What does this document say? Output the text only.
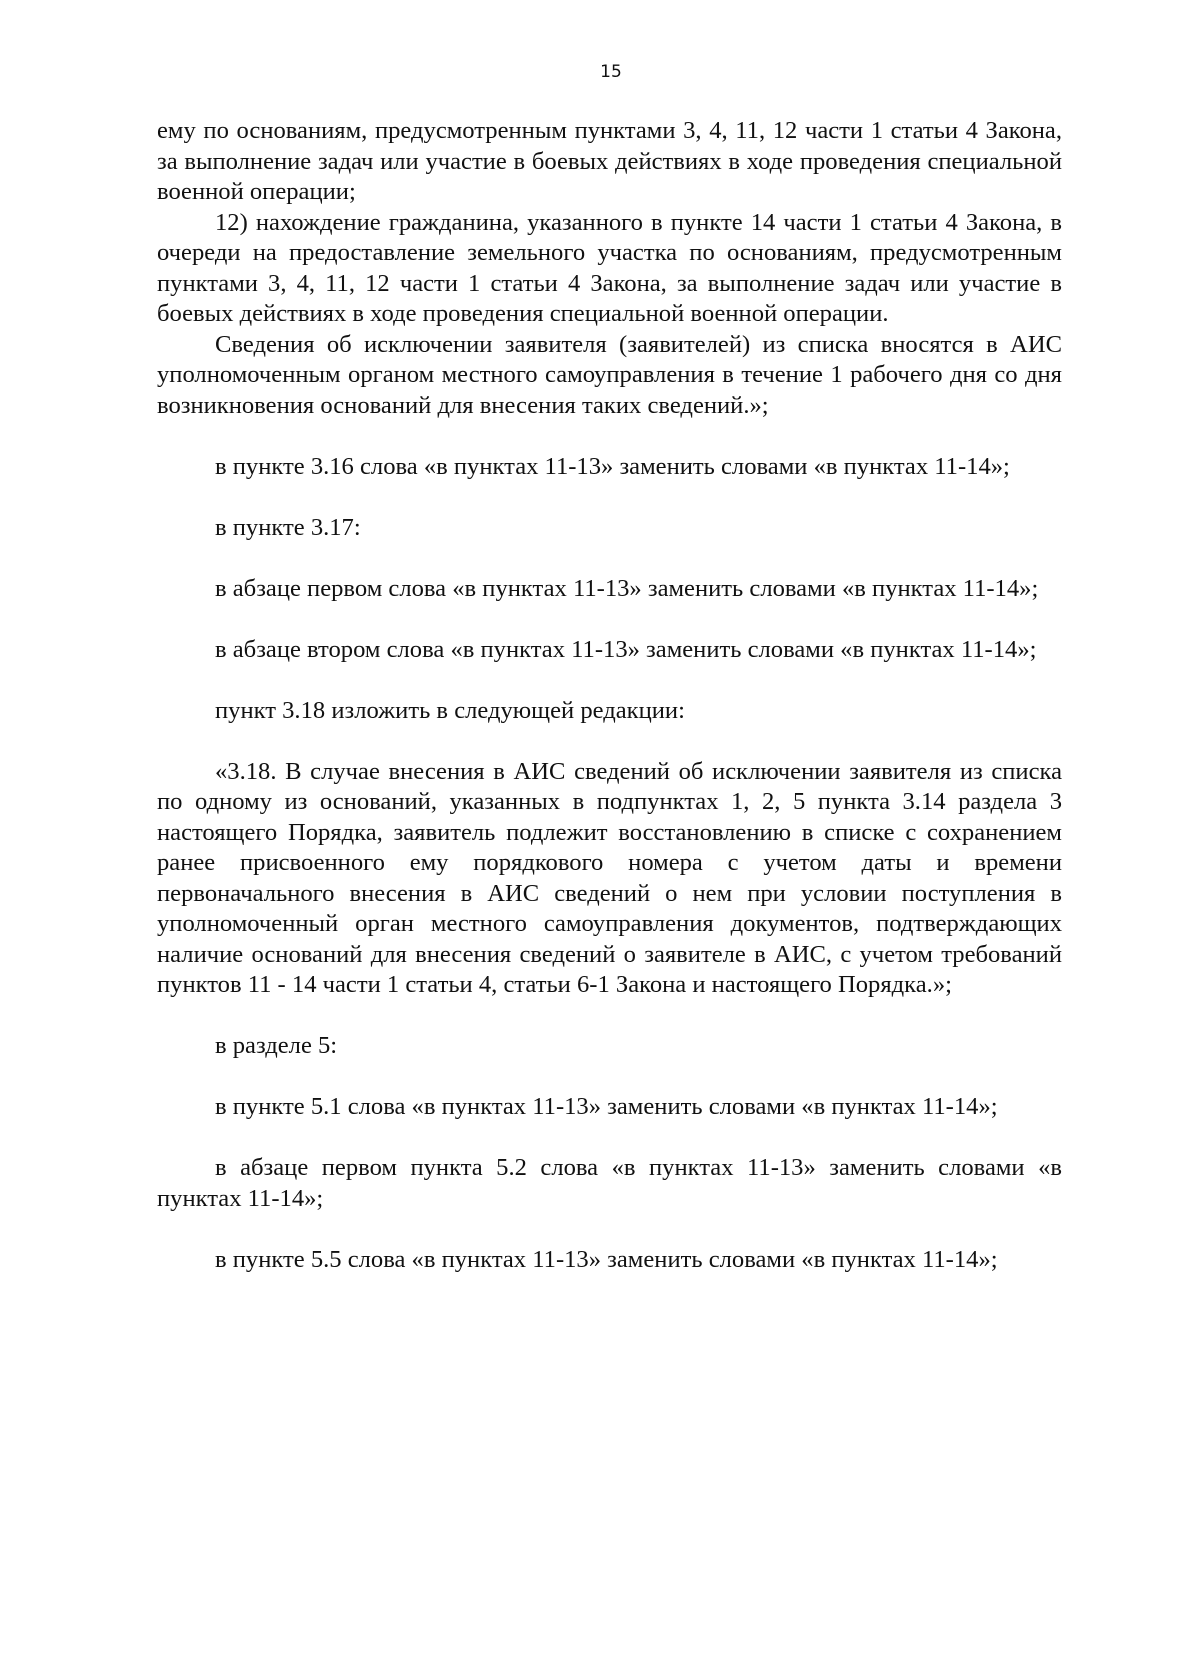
15

ему по основаниям, предусмотренным пунктами 3, 4, 11, 12 части 1 статьи 4 Закона, за выполнение задач или участие в боевых действиях в ходе проведения специальной военной операции;

12) нахождение гражданина, указанного в пункте 14 части 1 статьи 4 Закона, в очереди на предоставление земельного участка по основаниям, предусмотренным пунктами 3, 4, 11, 12 части 1 статьи 4 Закона, за выполнение задач или участие в боевых действиях в ходе проведения специальной военной операции.

Сведения об исключении заявителя (заявителей) из списка вносятся в АИС уполномоченным органом местного самоуправления в течение 1 рабочего дня со дня возникновения оснований для внесения таких сведений.»;

в пункте 3.16 слова «в пунктах 11-13» заменить словами «в пунктах 11-14»;

в пункте 3.17:

в абзаце первом слова «в пунктах 11-13» заменить словами «в пунктах 11-14»;

в абзаце втором слова «в пунктах 11-13» заменить словами «в пунктах 11-14»;

пункт 3.18 изложить в следующей редакции:

«3.18. В случае внесения в АИС сведений об исключении заявителя из списка по одному из оснований, указанных в подпунктах 1, 2, 5 пункта 3.14 раздела 3 настоящего Порядка, заявитель подлежит восстановлению в списке с сохранением ранее присвоенного ему порядкового номера с учетом даты и времени первоначального внесения в АИС сведений о нем при условии поступления в уполномоченный орган местного самоуправления документов, подтверждающих наличие оснований для внесения сведений о заявителе в АИС, с учетом требований пунктов 11 - 14 части 1 статьи 4, статьи 6-1 Закона и настоящего Порядка.»;

в разделе 5:

в пункте 5.1 слова «в пунктах 11-13» заменить словами «в пунктах 11-14»;

в абзаце первом пункта 5.2 слова «в пунктах 11-13» заменить словами «в пунктах 11-14»;

в пункте 5.5 слова «в пунктах 11-13» заменить словами «в пунктах 11-14»;
